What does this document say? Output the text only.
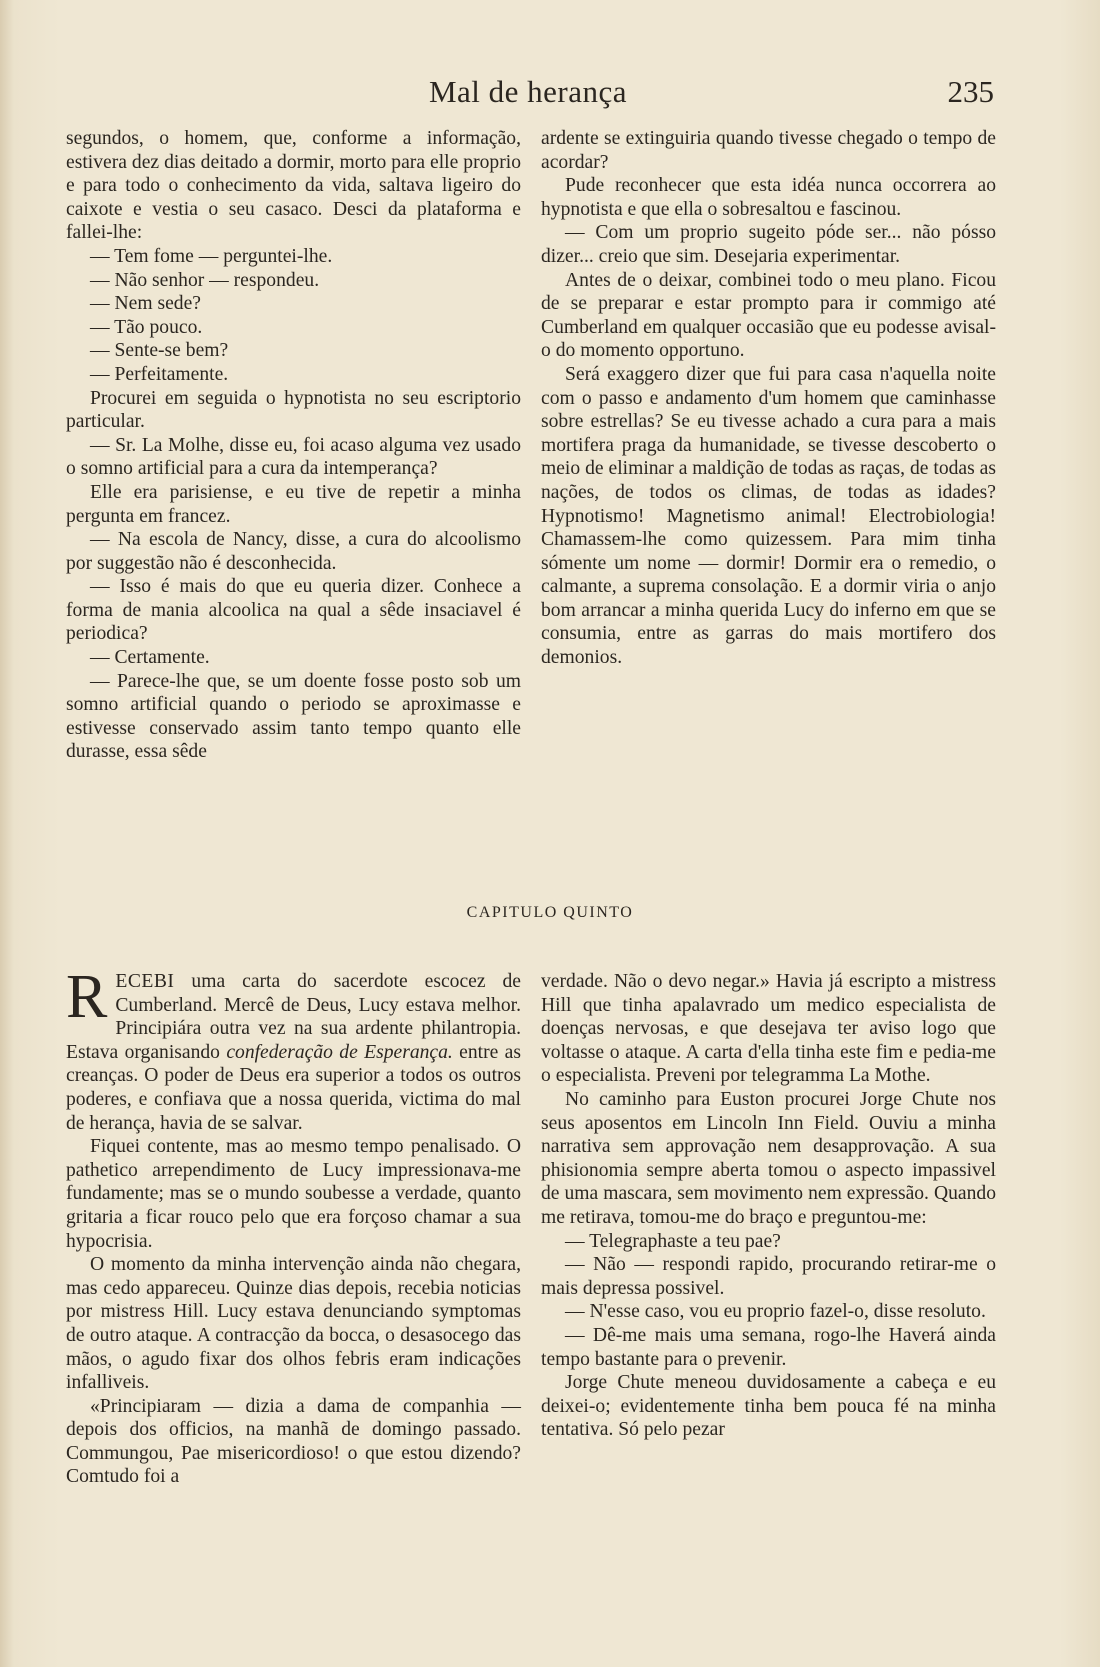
Mal de herança	235

segundos, o homem, que, conforme a informação, estivera dez dias deitado a dormir, morto para elle proprio e para todo o conhecimento da vida, saltava ligeiro do caixote e vestia o seu casaco. Desci da plataforma e fallei-lhe:

— Tem fome — perguntei-lhe.

— Não senhor — respondeu.

— Nem sede?

— Tão pouco.

— Sente-se bem?

— Perfeitamente.

Procurei em seguida o hypnotista no seu escriptorio particular.

— Sr. La Molhe, disse eu, foi acaso alguma vez usado o somno artificial para a cura da intemperança?

Elle era parisiense, e eu tive de repetir a minha pergunta em francez.

— Na escola de Nancy, disse, a cura do alcoolismo por suggestão não é desconhecida.

— Isso é mais do que eu queria dizer. Conhece a forma de mania alcoolica na qual a sêde insaciavel é periodica?

— Certamente.

— Parece-lhe que, se um doente fosse posto sob um somno artificial quando o periodo se aproximasse e estivesse conservado assim tanto tempo quanto elle durasse, essa sêde

ardente se extinguiria quando tivesse chegado o tempo de acordar?

Pude reconhecer que esta idéa nunca occorrera ao hypnotista e que ella o sobresaltou e fascinou.

— Com um proprio sugeito póde ser... não pósso dizer... creio que sim. Desejaria experimentar.

Antes de o deixar, combinei todo o meu plano. Ficou de se preparar e estar prompto para ir commigo até Cumberland em qualquer occasião que eu podesse avisal-o do momento opportuno.

Será exaggero dizer que fui para casa n'aquella noite com o passo e andamento d'um homem que caminhasse sobre estrellas? Se eu tivesse achado a cura para a mais mortifera praga da humanidade, se tivesse descoberto o meio de eliminar a maldição de todas as raças, de todas as nações, de todos os climas, de todas as idades? Hypnotismo! Magnetismo animal! Electrobiologia! Chamassem-lhe como quizessem. Para mim tinha sómente um nome — dormir! Dormir era o remedio, o calmante, a suprema consolação. E a dormir viria o anjo bom arrancar a minha querida Lucy do inferno em que se consumia, entre as garras do mais mortifero dos demonios.

CAPITULO QUINTO

RECEBI uma carta do sacerdote escocez de Cumberland. Mercê de Deus, Lucy estava melhor. Principiára outra vez na sua ardente philantropia. Estava organisando confederação de Esperança. entre as creanças. O poder de Deus era superior a todos os outros poderes, e confiava que a nossa querida, victima do mal de herança, havia de se salvar.

Fiquei contente, mas ao mesmo tempo penalisado. O pathetico arrependimento de Lucy impressionava-me fundamente; mas se o mundo soubesse a verdade, quanto gritaria a ficar rouco pelo que era forçoso chamar a sua hypocrisia.

O momento da minha intervenção ainda não chegara, mas cedo appareceu. Quinze dias depois, recebia noticias por mistress Hill. Lucy estava denunciando symptomas de outro ataque. A contracção da bocca, o desasocego das mãos, o agudo fixar dos olhos febris eram indicações infalliveis.

«Principiaram — dizia a dama de companhia — depois dos officios, na manhã de domingo passado. Commungou, Pae misericordioso! o que estou dizendo? Comtudo foi a

verdade. Não o devo negar.» Havia já escripto a mistress Hill que tinha apalavrado um medico especialista de doenças nervosas, e que desejava ter aviso logo que voltasse o ataque. A carta d'ella tinha este fim e pedia-me o especialista. Preveni por telegramma La Mothe.

No caminho para Euston procurei Jorge Chute nos seus aposentos em Lincoln Inn Field. Ouviu a minha narrativa sem approvação nem desapprovação. A sua phisionomia sempre aberta tomou o aspecto impassivel de uma mascara, sem movimento nem expressão. Quando me retirava, tomou-me do braço e preguntou-me:

— Telegraphaste a teu pae?

— Não — respondi rapido, procurando retirar-me o mais depressa possivel.

— N'esse caso, vou eu proprio fazel-o, disse resoluto.

— Dê-me mais uma semana, rogo-lhe Haverá ainda tempo bastante para o prevenir.

Jorge Chute meneou duvidosamente a cabeça e eu deixei-o; evidentemente tinha bem pouca fé na minha tentativa. Só pelo pezar
